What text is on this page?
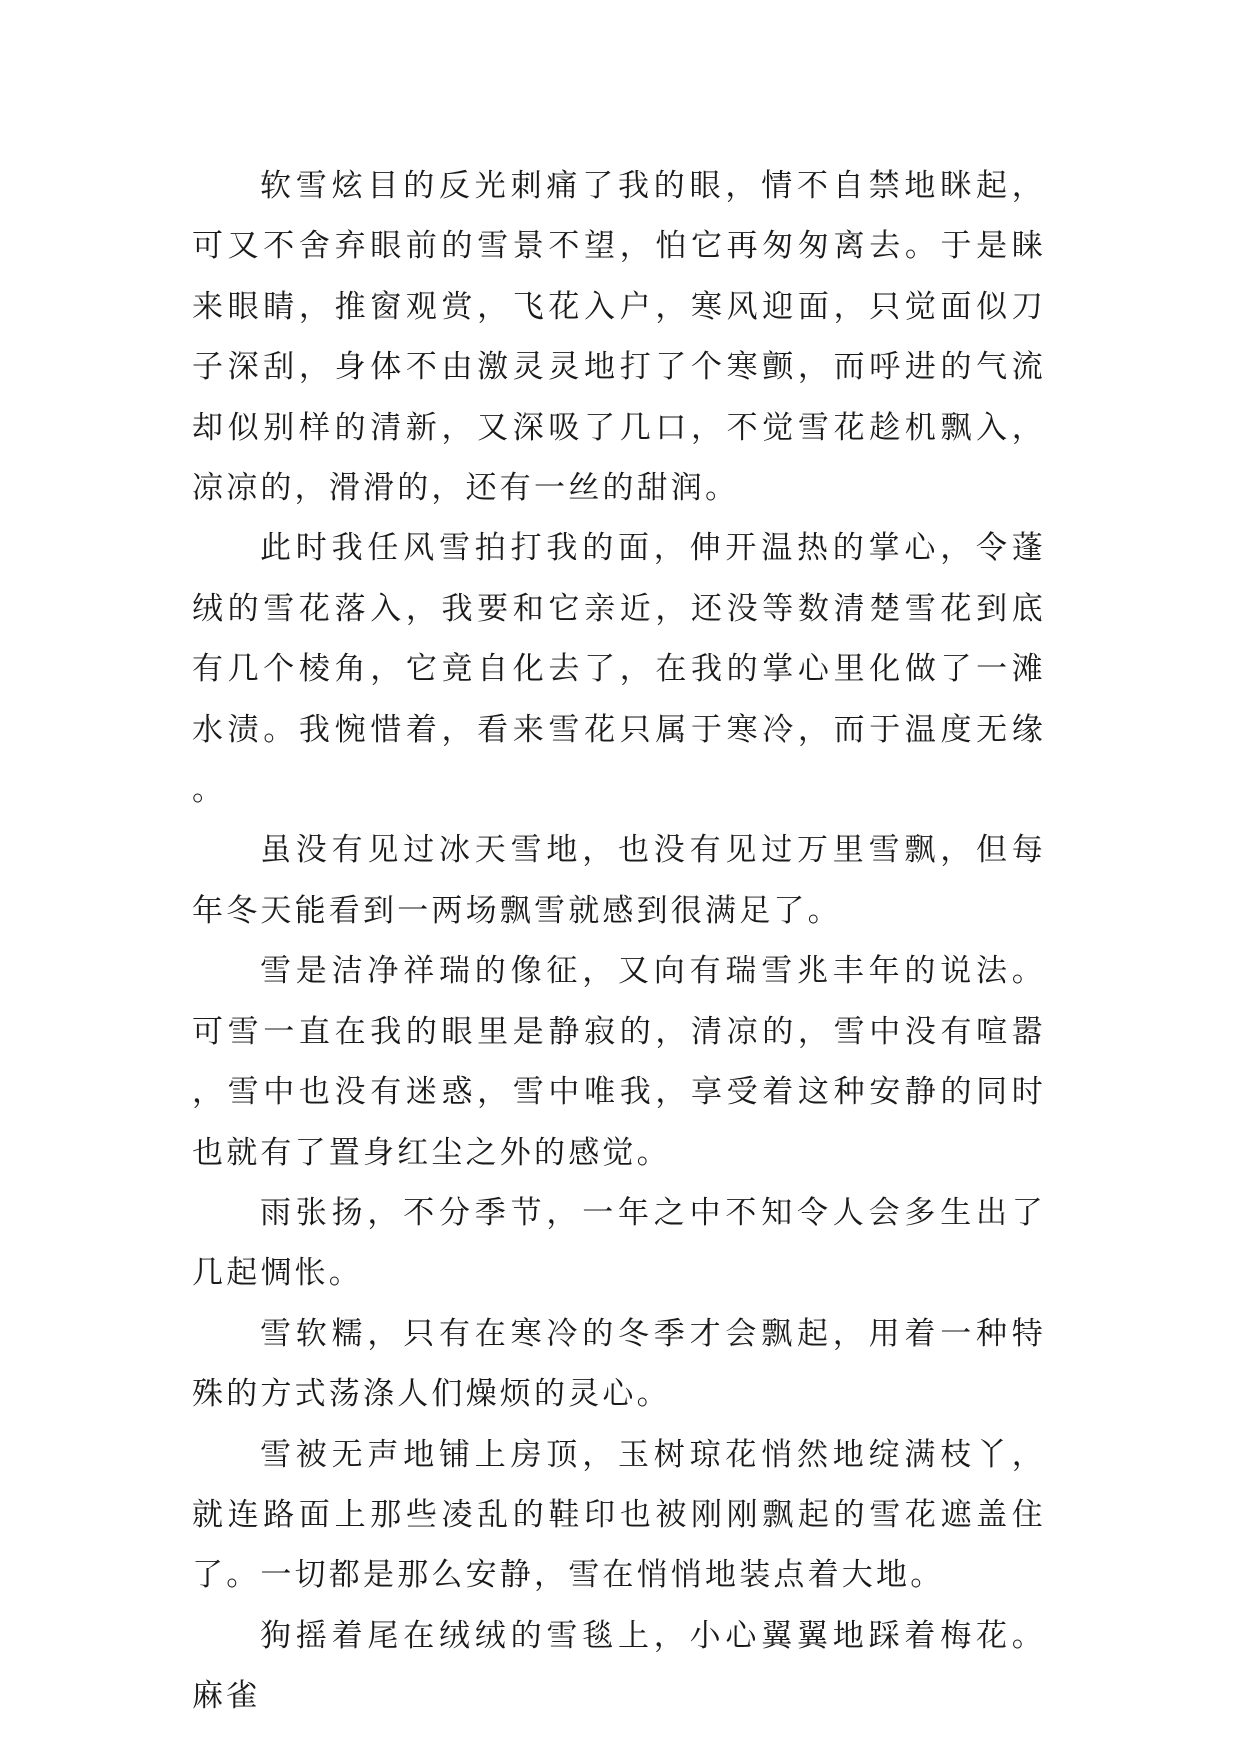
软雪炫目的反光刺痛了我的眼，情不自禁地眯起，可又不舍弃眼前的雪景不望，怕它再匆匆离去。于是睐来眼睛，推窗观赏，飞花入户，寒风迎面，只觉面似刀子深刮，身体不由激灵灵地打了个寒颤，而呼进的气流却似别样的清新，又深吸了几口，不觉雪花趁机飘入，凉凉的，滑滑的，还有一丝的甜润。

此时我任风雪拍打我的面，伸开温热的掌心，令蓬绒的雪花落入，我要和它亲近，还没等数清楚雪花到底有几个棱角，它竟自化去了，在我的掌心里化做了一滩水渍。我惋惜着，看来雪花只属于寒冷，而于温度无缘。

虽没有见过冰天雪地，也没有见过万里雪飘，但每年冬天能看到一两场飘雪就感到很满足了。

雪是洁净祥瑞的像征，又向有瑞雪兆丰年的说法。可雪一直在我的眼里是静寂的，清凉的，雪中没有喧嚣，雪中也没有迷惑，雪中唯我，享受着这种安静的同时也就有了置身红尘之外的感觉。

雨张扬，不分季节，一年之中不知令人会多生出了几起惆怅。

雪软糯，只有在寒冷的冬季才会飘起，用着一种特殊的方式荡涤人们燥烦的灵心。

雪被无声地铺上房顶，玉树琼花悄然地绽满枝丫，就连路面上那些凌乱的鞋印也被刚刚飘起的雪花遮盖住了。一切都是那么安静，雪在悄悄地装点着大地。

狗摇着尾在绒绒的雪毯上，小心翼翼地踩着梅花。麻雀
